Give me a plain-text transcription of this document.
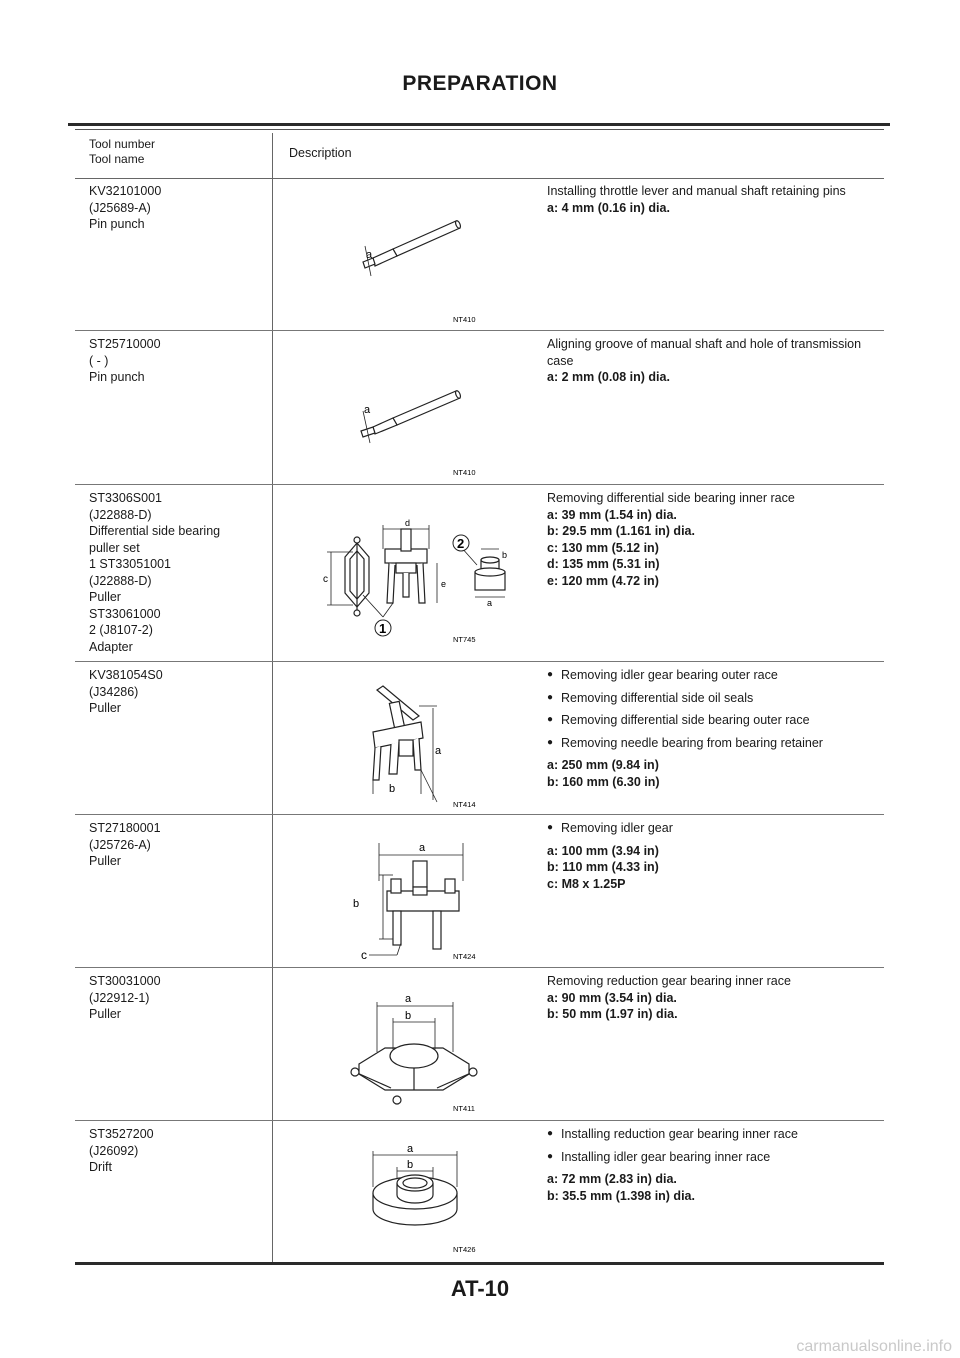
PREPARATION
Tool number
Tool name	Description
KV32101000
(J25689-A)
Pin punch
a
NT410
Installing throttle lever and manual shaft retaining pins
a: 4 mm (0.16 in) dia.
ST25710000
( - )
Pin punch
a
NT410
Aligning groove of manual shaft and hole of transmission case
a: 2 mm (0.08 in) dia.
ST3306S001
(J22888-D)
Differential side bearing
puller set
1 ST33051001
(J22888-D)
Puller
ST33061000
2 (J8107-2)
Adapter
c
d
e
b
a
1
2
NT745
Removing differential side bearing inner race
a: 39 mm (1.54 in) dia.
b: 29.5 mm (1.161 in) dia.
c: 130 mm (5.12 in)
d: 135 mm (5.31 in)
e: 120 mm (4.72 in)
KV381054S0
(J34286)
Puller
a
b
NT414
● Removing idler gear bearing outer race
● Removing differential side oil seals
● Removing differential side bearing outer race
● Removing needle bearing from bearing retainer
a: 250 mm (9.84 in)
b: 160 mm (6.30 in)
ST27180001
(J25726-A)
Puller
a
b
c	NT424
● Removing idler gear
a: 100 mm (3.94 in)
b: 110 mm (4.33 in)
c: M8 x 1.25P
ST30031000
(J22912-1)
Puller
a
b
NT411
Removing reduction gear bearing inner race
a: 90 mm (3.54 in) dia.
b: 50 mm (1.97 in) dia.
ST3527200
(J26092)
Drift
a
b
NT426
● Installing reduction gear bearing inner race
● Installing idler gear bearing inner race
a: 72 mm (2.83 in) dia.
b: 35.5 mm (1.398 in) dia.
AT-10
carmanualsonline.info
